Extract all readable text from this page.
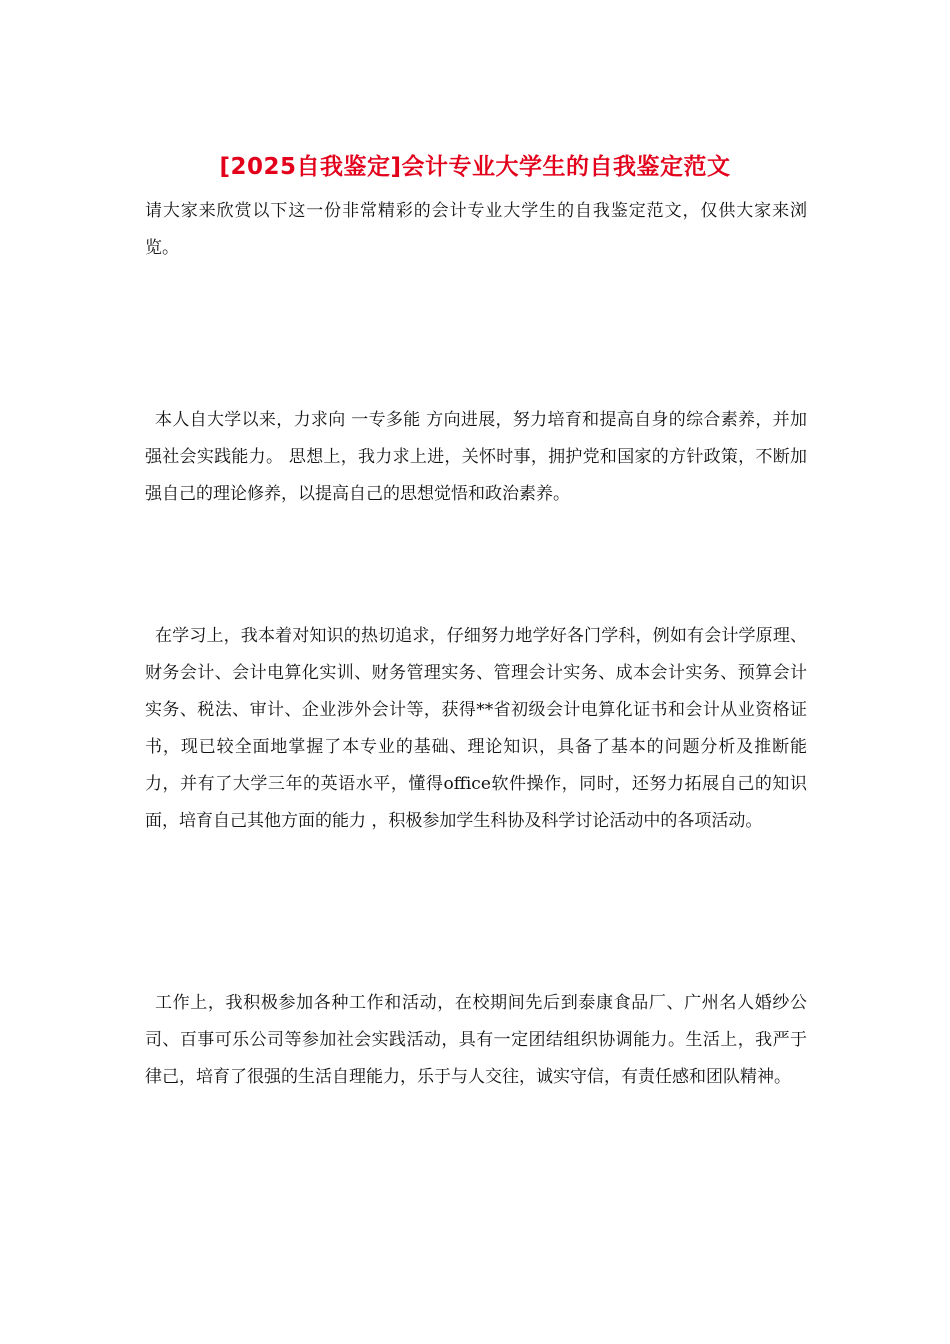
[2025自我鉴定]会计专业大学生的自我鉴定范文

请大家来欣赏以下这一份非常精彩的会计专业大学生的自我鉴定范文，仅供大家来浏览。

本人自大学以来，力求向 一专多能 方向进展，努力培育和提高自身的综合素养，并加强社会实践能力。 思想上，我力求上进，关怀时事，拥护党和国家的方针政策，不断加强自己的理论修养，以提高自己的思想觉悟和政治素养。

在学习上，我本着对知识的热切追求，仔细努力地学好各门学科，例如有会计学原理、财务会计、会计电算化实训、财务管理实务、管理会计实务、成本会计实务、预算会计实务、税法、审计、企业涉外会计等，获得**省初级会计电算化证书和会计从业资格证书，现已较全面地掌握了本专业的基础、理论知识，具备了基本的问题分析及推断能力，并有了大学三年的英语水平，懂得office软件操作，同时，还努力拓展自己的知识面，培育自己其他方面的能力 ，积极参加学生科协及科学讨论活动中的各项活动。

工作上，我积极参加各种工作和活动，在校期间先后到泰康食品厂、广州名人婚纱公司、百事可乐公司等参加社会实践活动，具有一定团结组织协调能力。生活上，我严于律己，培育了很强的生活自理能力，乐于与人交往，诚实守信，有责任感和团队精神。
